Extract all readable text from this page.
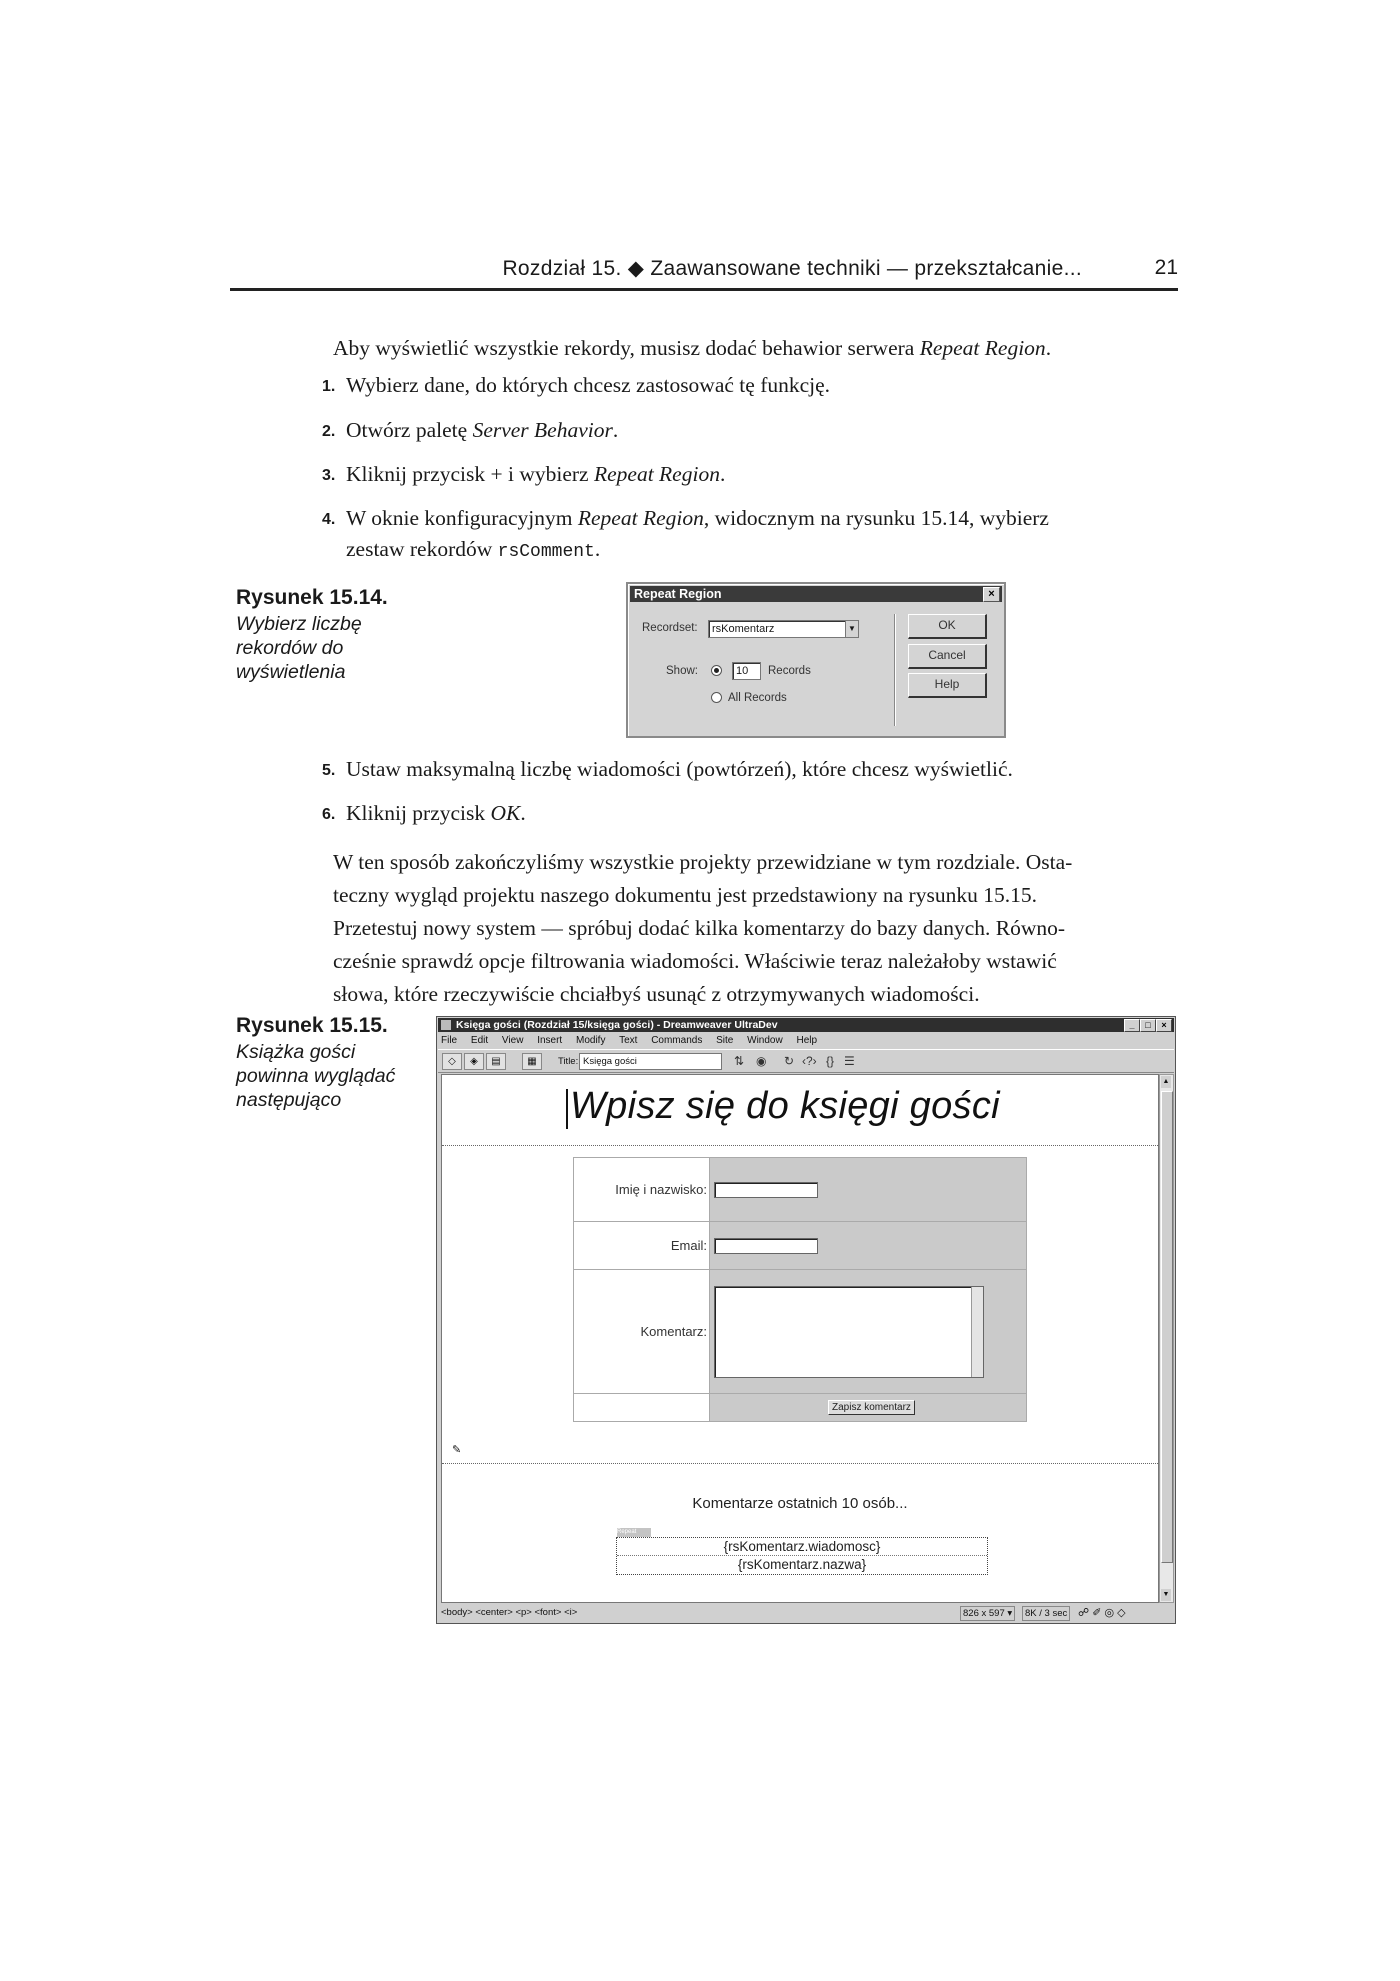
Rozdział 15. ◆ Zaawansowane techniki — przekształcanie...	21
Aby wyświetlić wszystkie rekordy, musisz dodać behawior serwera Repeat Region.
1. Wybierz dane, do których chcesz zastosować tę funkcję.
2. Otwórz paletę Server Behavior.
3. Kliknij przycisk + i wybierz Repeat Region.
4. W oknie konfiguracyjnym Repeat Region, widocznym na rysunku 15.14, wybierz
zestaw rekordów rsComment.
Rysunek 15.14.
Wybierz liczbę rekordów do wyświetlenia
Repeat Region	×
Recordset:	rsKomentarz	▼
Show:	10	Records
All Records
OK
Cancel
Help
5. Ustaw maksymalną liczbę wiadomości (powtórzeń), które chcesz wyświetlić.
6. Kliknij przycisk OK.
W ten sposób zakończyliśmy wszystkie projekty przewidziane w tym rozdziale. Osta-
teczny wygląd projektu naszego dokumentu jest przedstawiony na rysunku 15.15.
Przetestuj nowy system — spróbuj dodać kilka komentarzy do bazy danych. Równo-
cześnie sprawdź opcje filtrowania wiadomości. Właściwie teraz należałoby wstawić
słowa, które rzeczywiście chciałbyś usunąć z otrzymywanych wiadomości.
Rysunek 15.15.
Książka gości powinna wyglądać następująco
Księga gości (Rozdział 15/księga gości) - Dreamweaver UltraDev	_	□	×
File Edit View Insert Modify Text Commands Site Window Help
◇	◈	▤	▦	Title: Księga gości	⇅ ◉ ↻ ‹?› {} ☰
Wpisz się do księgi gości
Imię i nazwisko:	

Email:	

Komentarz:	

	Zapisz komentarz
✎
Komentarze ostatnich 10 osób...
Repeat
{rsKomentarz.wiadomosc}
{rsKomentarz.nazwa}
▲
▼
<body> <center> <p> <font> <i>	826 x 597 ▾	8K / 3 sec ☍ ✐ ◎ ◇
